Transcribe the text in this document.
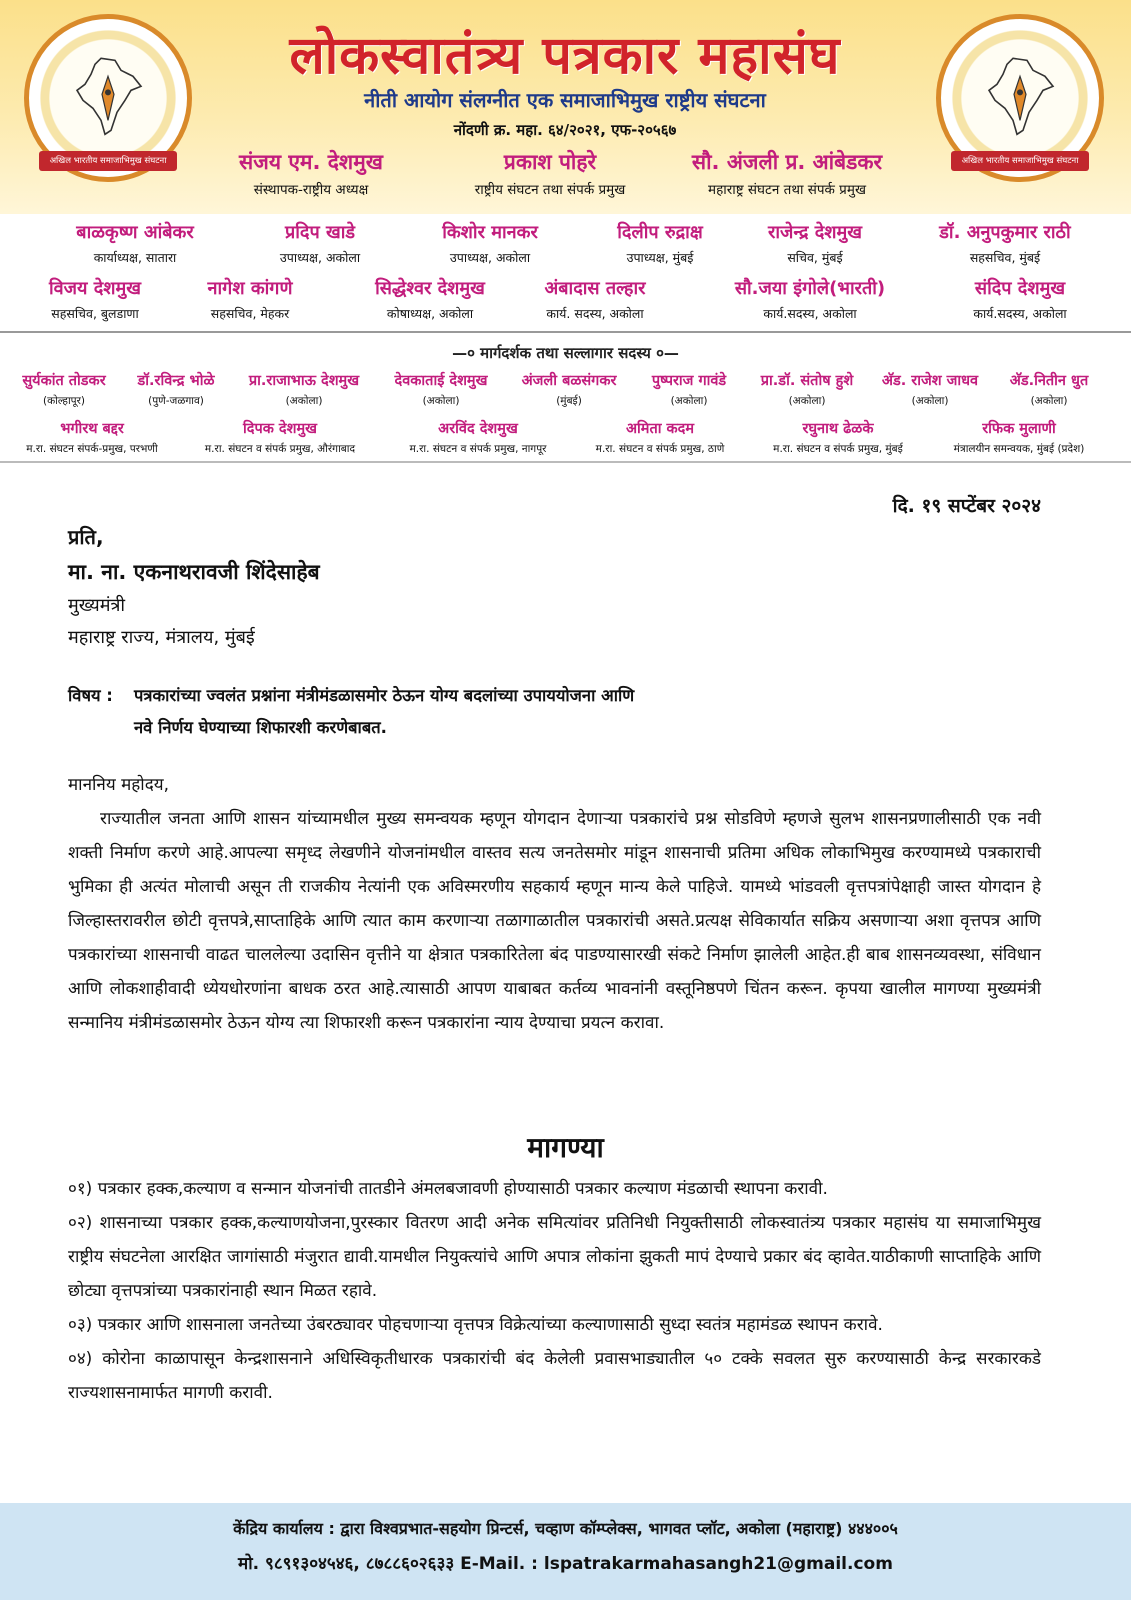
अखिल भारतीय समाजाभिमुख संघटना
लोकस्वातंत्र्य पत्रकार महासंघ
नीती आयोग संलग्नीत एक समाजाभिमुख राष्ट्रीय संघटना
नोंदणी क्र. महा. ६४/२०२१, एफ-२०५६७
संजय एम. देशमुख
संस्थापक-राष्ट्रीय अध्यक्ष
प्रकाश पोहरे
राष्ट्रीय संघटन तथा संपर्क प्रमुख
सौ. अंजली प्र. आंबेडकर
महाराष्ट्र संघटन तथा संपर्क प्रमुख
अखिल भारतीय समाजाभिमुख संघटना
बाळकृष्ण आंबेकर
कार्याध्यक्ष, सातारा
प्रदिप खाडे
उपाध्यक्ष, अकोला
किशोर मानकर
उपाध्यक्ष, अकोला
दिलीप रुद्राक्ष
उपाध्यक्ष, मुंबई
राजेन्द्र देशमुख
सचिव, मुंबई
डॉ. अनुपकुमार राठी
सहसचिव, मुंबई
विजय देशमुख
सहसचिव, बुलडाणा
नागेश कांगणे
सहसचिव, मेहकर
सिद्धेश्वर देशमुख
कोषाध्यक्ष, अकोला
अंबादास तल्हार
कार्य. सदस्य, अकोला
सौ.जया इंगोले(भारती)
कार्य.सदस्य, अकोला
संदिप देशमुख
कार्य.सदस्य, अकोला
—० मार्गदर्शक तथा सल्लागार सदस्य ०—
सुर्यकांत तोडकर
(कोल्हापूर)
डॉ.रविन्द्र भोळे
(पुणे-जळगाव)
प्रा.राजाभाऊ देशमुख
(अकोला)
देवकाताई देशमुख
(अकोला)
अंजली बळसंगकर
(मुंबई)
पुष्पराज गावंडे
(अकोला)
प्रा.डॉ. संतोष हुशे
(अकोला)
अ‍ॅड. राजेश जाधव
(अकोला)
अ‍ॅड.नितीन धुत
(अकोला)
भगीरथ बद्दर
म.रा. संघटन संपर्क-प्रमुख, परभणी
दिपक देशमुख
म.रा. संघटन व संपर्क प्रमुख, औरंगाबाद
अरविंद देशमुख
म.रा. संघटन व संपर्क प्रमुख, नागपूर
अमिता कदम
म.रा. संघटन व संपर्क प्रमुख, ठाणे
रघुनाथ ढेळके
म.रा. संघटन व संपर्क प्रमुख, मुंबई
रफिक मुलाणी
मंत्रालयीन समन्वयक, मुंबई (प्रदेश)
दि. १९ सप्टेंबर २०२४
प्रति,
मा. ना. एकनाथरावजी शिंदेसाहेब
मुख्यमंत्री
महाराष्ट्र राज्य, मंत्रालय, मुंबई
विषय : पत्रकारांच्या ज्वलंत प्रश्नांना मंत्रीमंडळासमोर ठेऊन योग्य बदलांच्या उपाययोजना आणि
नवे निर्णय घेण्याच्या शिफारशी करणेबाबत.
माननिय महोदय,
राज्यातील जनता आणि शासन यांच्यामधील मुख्य समन्वयक म्हणून योगदान देणाऱ्या पत्रकारांचे प्रश्न सोडविणे म्हणजे सुलभ शासनप्रणालीसाठी एक नवी शक्ती निर्माण करणे आहे.आपल्या समृध्द लेखणीने योजनांमधील वास्तव सत्य जनतेसमोर मांडून शासनाची प्रतिमा अधिक लोकाभिमुख करण्यामध्ये पत्रकाराची भुमिका ही अत्यंत मोलाची असून ती राजकीय नेत्यांनी एक अविस्मरणीय सहकार्य म्हणून मान्य केले पाहिजे. यामध्ये भांडवली वृत्तपत्रांपेक्षाही जास्त योगदान हे जिल्हास्तरावरील छोटी वृत्तपत्रे,साप्ताहिके आणि त्यात काम करणाऱ्या तळागाळातील पत्रकारांची असते.प्रत्यक्ष सेविकार्यात सक्रिय असणाऱ्या अशा वृत्तपत्र आणि पत्रकारांच्या शासनाची वाढत चाललेल्या उदासिन वृत्तीने या क्षेत्रात पत्रकारितेला बंद पाडण्यासारखी संकटे निर्माण झालेली आहेत.ही बाब शासनव्यवस्था, संविधान आणि लोकशाहीवादी ध्येयधोरणांना बाधक ठरत आहे.त्यासाठी आपण याबाबत कर्तव्य भावनांनी वस्तूनिष्ठपणे चिंतन करून. कृपया खालील मागण्या मुख्यमंत्री सन्मानिय मंत्रीमंडळासमोर ठेऊन योग्य त्या शिफारशी करून पत्रकारांना न्याय देण्याचा प्रयत्न करावा.
मागण्या
०१) पत्रकार हक्क,कल्याण व सन्मान योजनांची तातडीने अंमलबजावणी होण्यासाठी पत्रकार कल्याण मंडळाची स्थापना करावी.
०२) शासनाच्या पत्रकार हक्क,कल्याणयोजना,पुरस्कार वितरण आदी अनेक समित्यांवर प्रतिनिधी नियुक्तीसाठी लोकस्वातंत्र्य पत्रकार महासंघ या समाजाभिमुख राष्ट्रीय संघटनेला आरक्षित जागांसाठी मंजुरात द्यावी.यामधील नियुक्त्यांचे आणि अपात्र लोकांना झुकती मापं देण्याचे प्रकार बंद व्हावेत.याठीकाणी साप्ताहिके आणि छोट्या वृत्तपत्रांच्या पत्रकारांनाही स्थान मिळत रहावे.
०३) पत्रकार आणि शासनाला जनतेच्या उंबरठ्यावर पोहचणाऱ्या वृत्तपत्र विक्रेत्यांच्या कल्याणासाठी सुध्दा स्वतंत्र महामंडळ स्थापन करावे.
०४) कोरोना काळापासून केन्द्रशासनाने अधिस्विकृतीधारक पत्रकारांची बंद केलेली प्रवासभाड्यातील ५० टक्के सवलत सुरु करण्यासाठी केन्द्र सरकारकडे राज्यशासनामार्फत मागणी करावी.
केंद्रिय कार्यालय : द्वारा विश्वप्रभात-सहयोग प्रिन्टर्स, चव्हाण कॉम्प्लेक्स, भागवत प्लॉट, अकोला (महाराष्ट्र) ४४४००५
मो. ९८९१३०४५४६, ८७८८६०२६३३ E-Mail. : lspatrakarmahasangh21@gmail.com
